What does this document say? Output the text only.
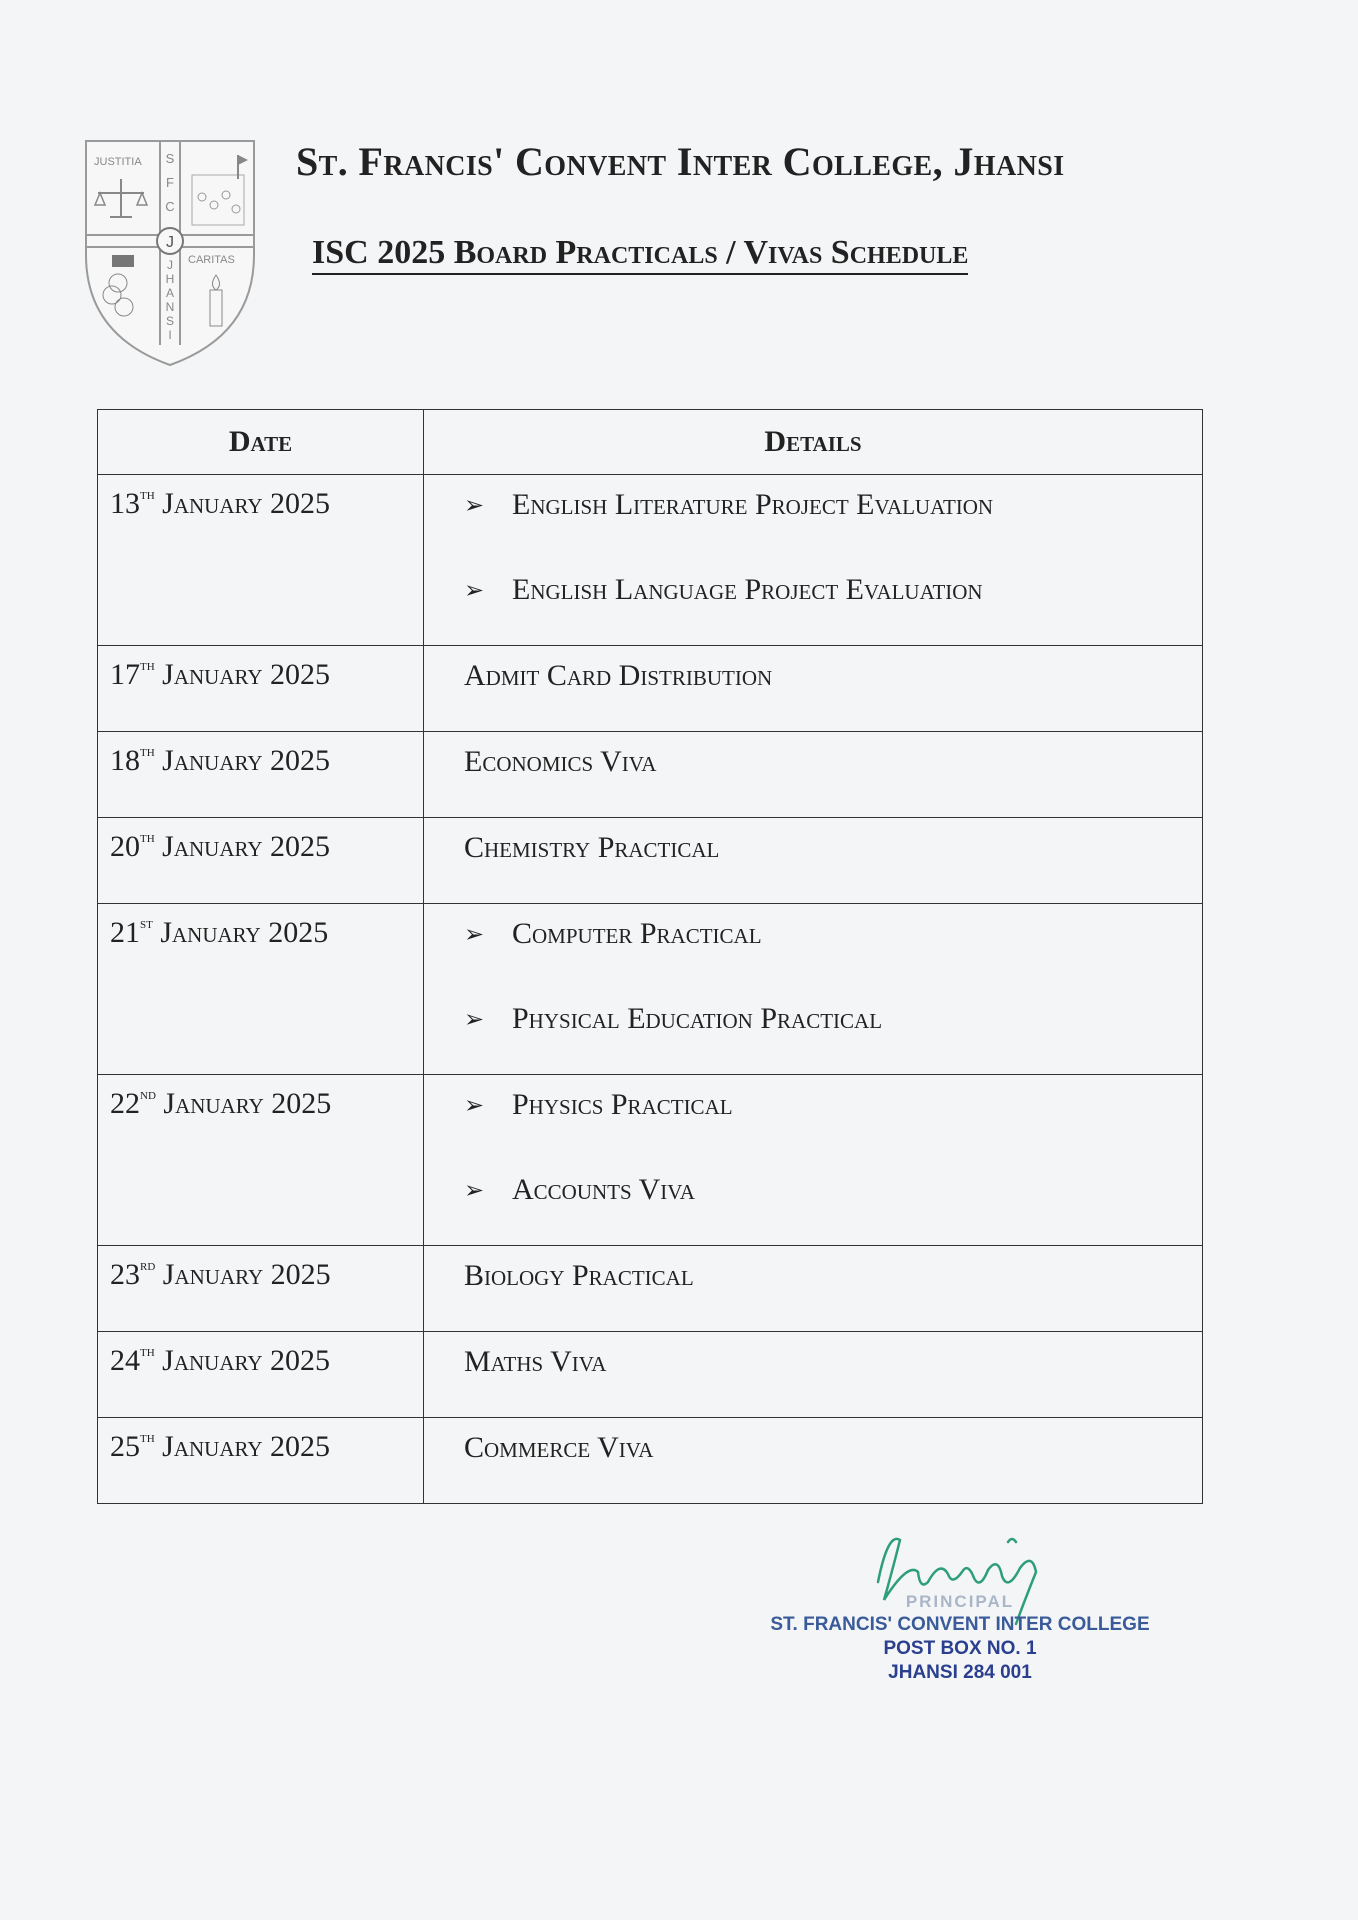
J
JUSTITIA
CARITAS
S
F
C
J
H
A
N
S
I
St. Francis' Convent Inter College, Jhansi
ISC 2025 Board Practicals / Vivas Schedule
Date	Details
13th January 2025	➢ English Literature Project Evaluation
➢ English Language Project Evaluation

17th January 2025	Admit Card Distribution

18th January 2025	Economics Viva

20th January 2025	Chemistry Practical

21st January 2025	➢ Computer Practical
➢ Physical Education Practical

22nd January 2025	➢ Physics Practical
➢ Accounts Viva

23rd January 2025	Biology Practical

24th January 2025	Maths Viva

25th January 2025	Commerce Viva
Sr. Meshing
PRINCIPAL
ST. FRANCIS' CONVENT INTER COLLEGE
POST BOX NO. 1
JHANSI 284 001
